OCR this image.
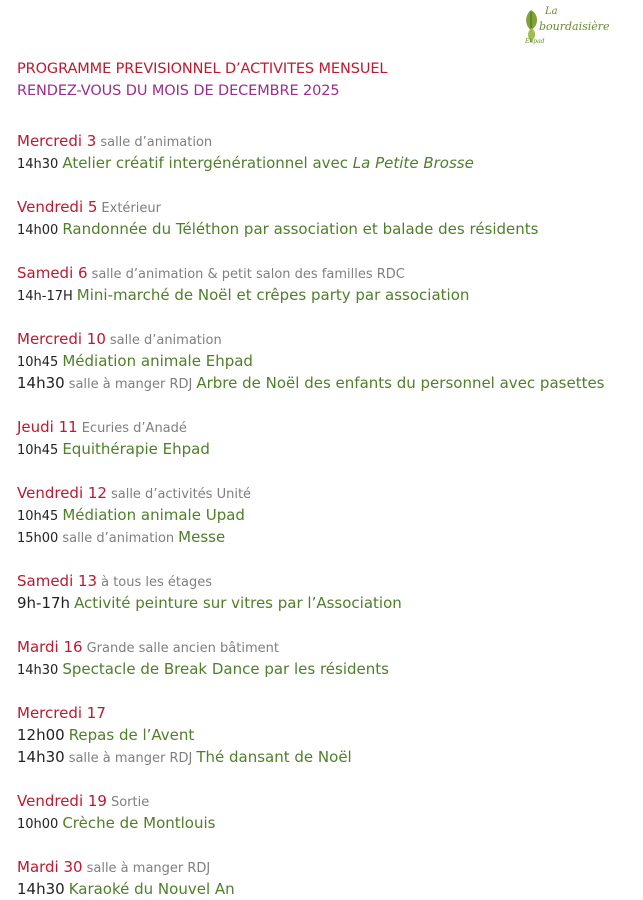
La
bourdaisière
Ehpad
PROGRAMME PREVISIONNEL D’ACTIVITES MENSUEL
RENDEZ-VOUS DU MOIS DE DECEMBRE 2025
Mercredi 3 salle d’animation
14h30 Atelier créatif intergénérationnel avec La Petite Brosse
Vendredi 5 Extérieur
14h00 Randonnée du Téléthon par association et balade des résidents
Samedi 6 salle d’animation & petit salon des familles RDC
14h-17H Mini-marché de Noël et crêpes party par association
Mercredi 10 salle d’animation
10h45 Médiation animale Ehpad
14h30 salle à manger RDJ Arbre de Noël des enfants du personnel avec pasettes
Jeudi 11 Ecuries d’Anadé
10h45 Equithérapie Ehpad
Vendredi 12 salle d’activités Unité
10h45 Médiation animale Upad
15h00 salle d’animation Messe
Samedi 13 à tous les étages
9h-17h Activité peinture sur vitres par l’Association
Mardi 16 Grande salle ancien bâtiment
14h30 Spectacle de Break Dance par les résidents
Mercredi 17
12h00 Repas de l’Avent
14h30 salle à manger RDJ Thé dansant de Noël
Vendredi 19 Sortie
10h00 Crèche de Montlouis
Mardi 30 salle à manger RDJ
14h30 Karaoké du Nouvel An
